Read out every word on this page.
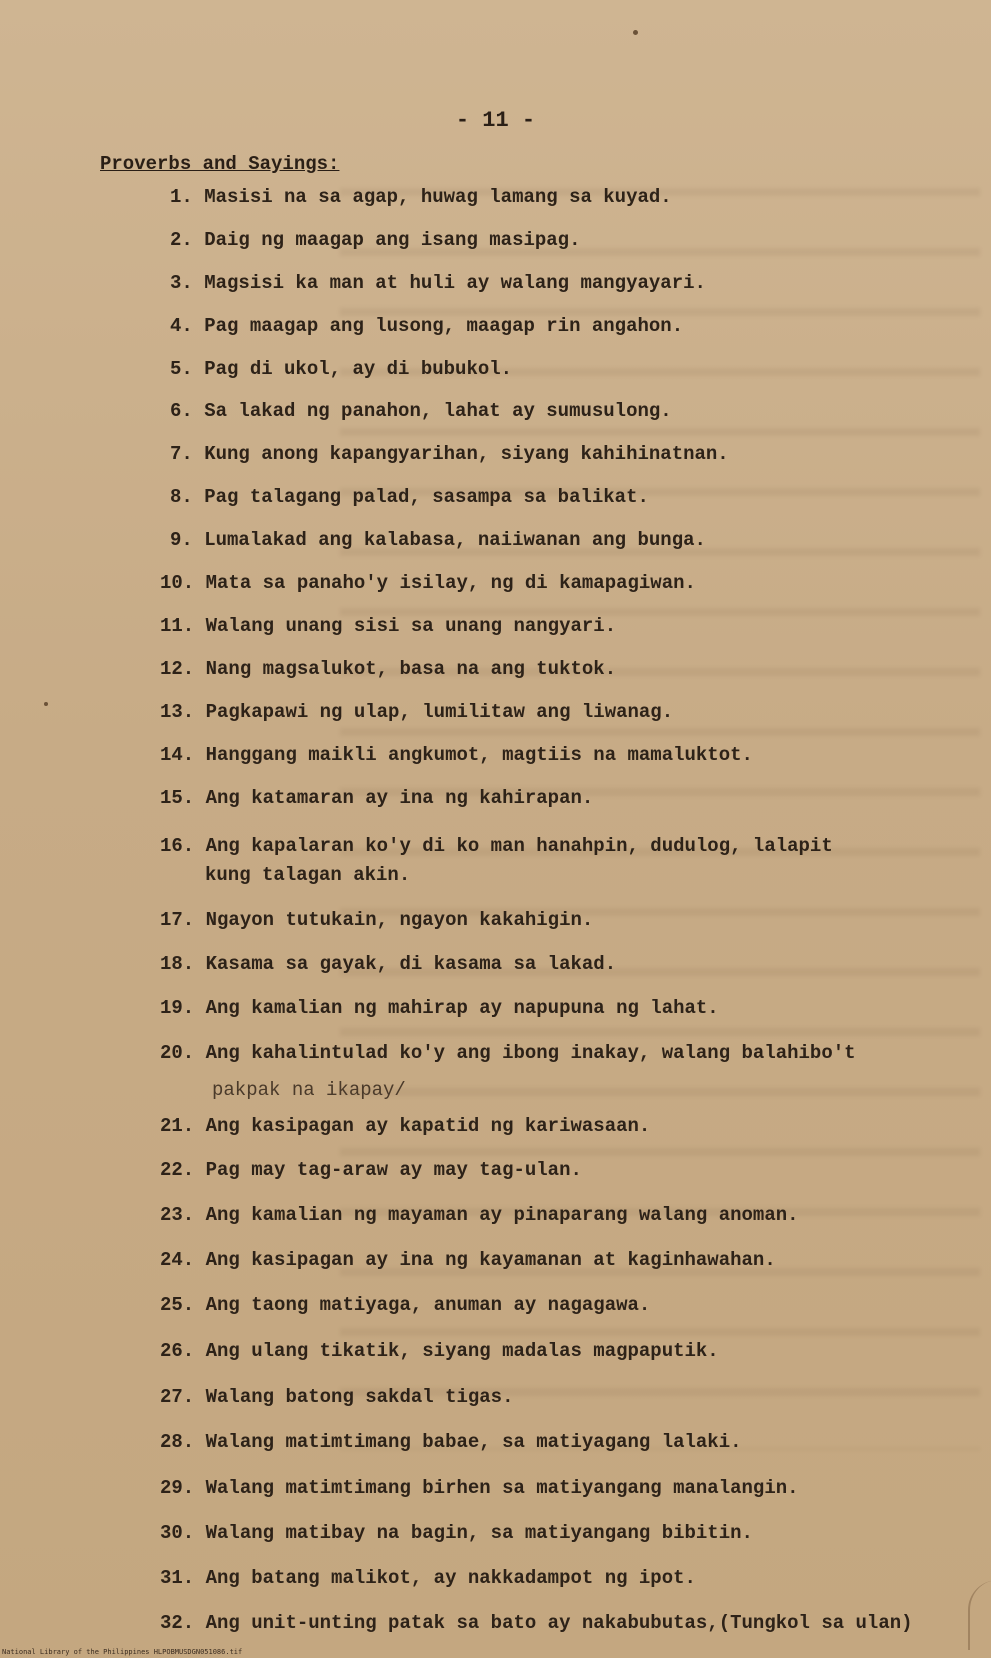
- 11 -
Proverbs and Sayings:
1. Masisi na sa agap, huwag lamang sa kuyad.
2. Daig ng maagap ang isang masipag.
3. Magsisi ka man at huli ay walang mangyayari.
4. Pag maagap ang lusong, maagap rin angahon.
5. Pag di ukol, ay di bubukol.
6. Sa lakad ng panahon, lahat ay sumusulong.
7. Kung anong kapangyarihan, siyang kahihinatnan.
8. Pag talagang palad, sasampa sa balikat.
9. Lumalakad ang kalabasa, naiiwanan ang bunga.
10. Mata sa panaho'y isilay, ng di kamapagiwan.
11. Walang unang sisi sa unang nangyari.
12. Nang magsalukot, basa na ang tuktok.
13. Pagkapawi ng ulap, lumilitaw ang liwanag.
14. Hanggang maikli angkumot, magtiis na mamaluktot.
15. Ang katamaran ay ina ng kahirapan.
16. Ang kapalaran ko'y di ko man hanahpin, dudulog, lalapit
kung talagan akin.
17. Ngayon tutukain, ngayon kakahigin.
18. Kasama sa gayak, di kasama sa lakad.
19. Ang kamalian ng mahirap ay napupuna ng lahat.
20. Ang kahalintulad ko'y ang ibong inakay, walang balahibo't
pakpak na ikapay/
21. Ang kasipagan ay kapatid ng kariwasaan.
22. Pag may tag-araw ay may tag-ulan.
23. Ang kamalian ng mayaman ay pinaparang walang anoman.
24. Ang kasipagan ay ina ng kayamanan at kaginhawahan.
25. Ang taong matiyaga, anuman ay nagagawa.
26. Ang ulang tikatik, siyang madalas magpaputik.
27. Walang batong sakdal tigas.
28. Walang matimtimang babae, sa matiyagang lalaki.
29. Walang matimtimang birhen sa matiyangang manalangin.
30. Walang matibay na bagin, sa matiyangang bibitin.
31. Ang batang malikot, ay nakkadampot ng ipot.
32. Ang unit-unting patak sa bato ay nakabubutas,(Tungkol sa ulan)
National Library of the Philippines HLPOBMUSDGN051086.tif
